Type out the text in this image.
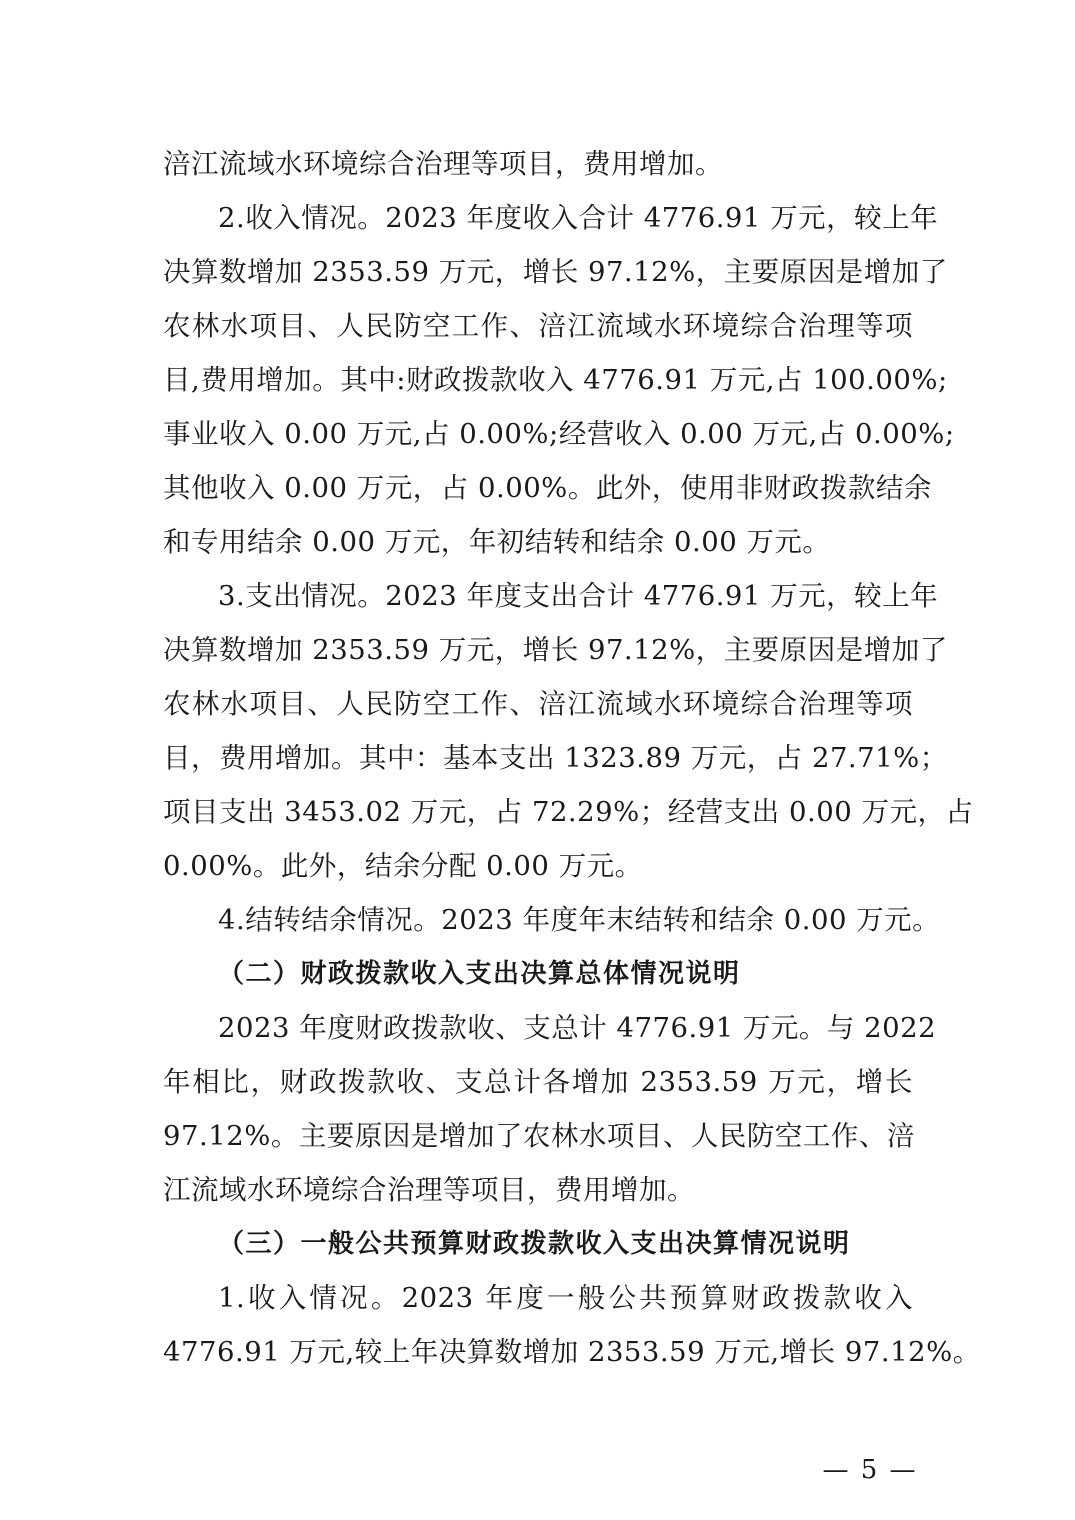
涪江流域水环境综合治理等项目，费用增加。
2.收入情况。2023 年度收入合计 4776.91 万元，较上年
决算数增加 2353.59 万元，增长 97.12%，主要原因是增加了
农林水项目、人民防空工作、涪江流域水环境综合治理等项
目,费用增加。其中:财政拨款收入 4776.91 万元,占 100.00%;
事业收入 0.00 万元,占 0.00%;经营收入 0.00 万元,占 0.00%;
其他收入 0.00 万元，占 0.00%。此外，使用非财政拨款结余
和专用结余 0.00 万元，年初结转和结余 0.00 万元。
3.支出情况。2023 年度支出合计 4776.91 万元，较上年
决算数增加 2353.59 万元，增长 97.12%，主要原因是增加了
农林水项目、人民防空工作、涪江流域水环境综合治理等项
目，费用增加。其中：基本支出 1323.89 万元，占 27.71%；
项目支出 3453.02 万元，占 72.29%；经营支出 0.00 万元，占
0.00%。此外，结余分配 0.00 万元。
4.结转结余情况。2023 年度年末结转和结余 0.00 万元。
（二）财政拨款收入支出决算总体情况说明
2023 年度财政拨款收、支总计 4776.91 万元。与 2022
年相比，财政拨款收、支总计各增加 2353.59 万元，增长
97.12%。主要原因是增加了农林水项目、人民防空工作、涪
江流域水环境综合治理等项目，费用增加。
（三）一般公共预算财政拨款收入支出决算情况说明
1.收入情况。2023 年度一般公共预算财政拨款收入
4776.91 万元,较上年决算数增加 2353.59 万元,增长 97.12%。
— 5 —
